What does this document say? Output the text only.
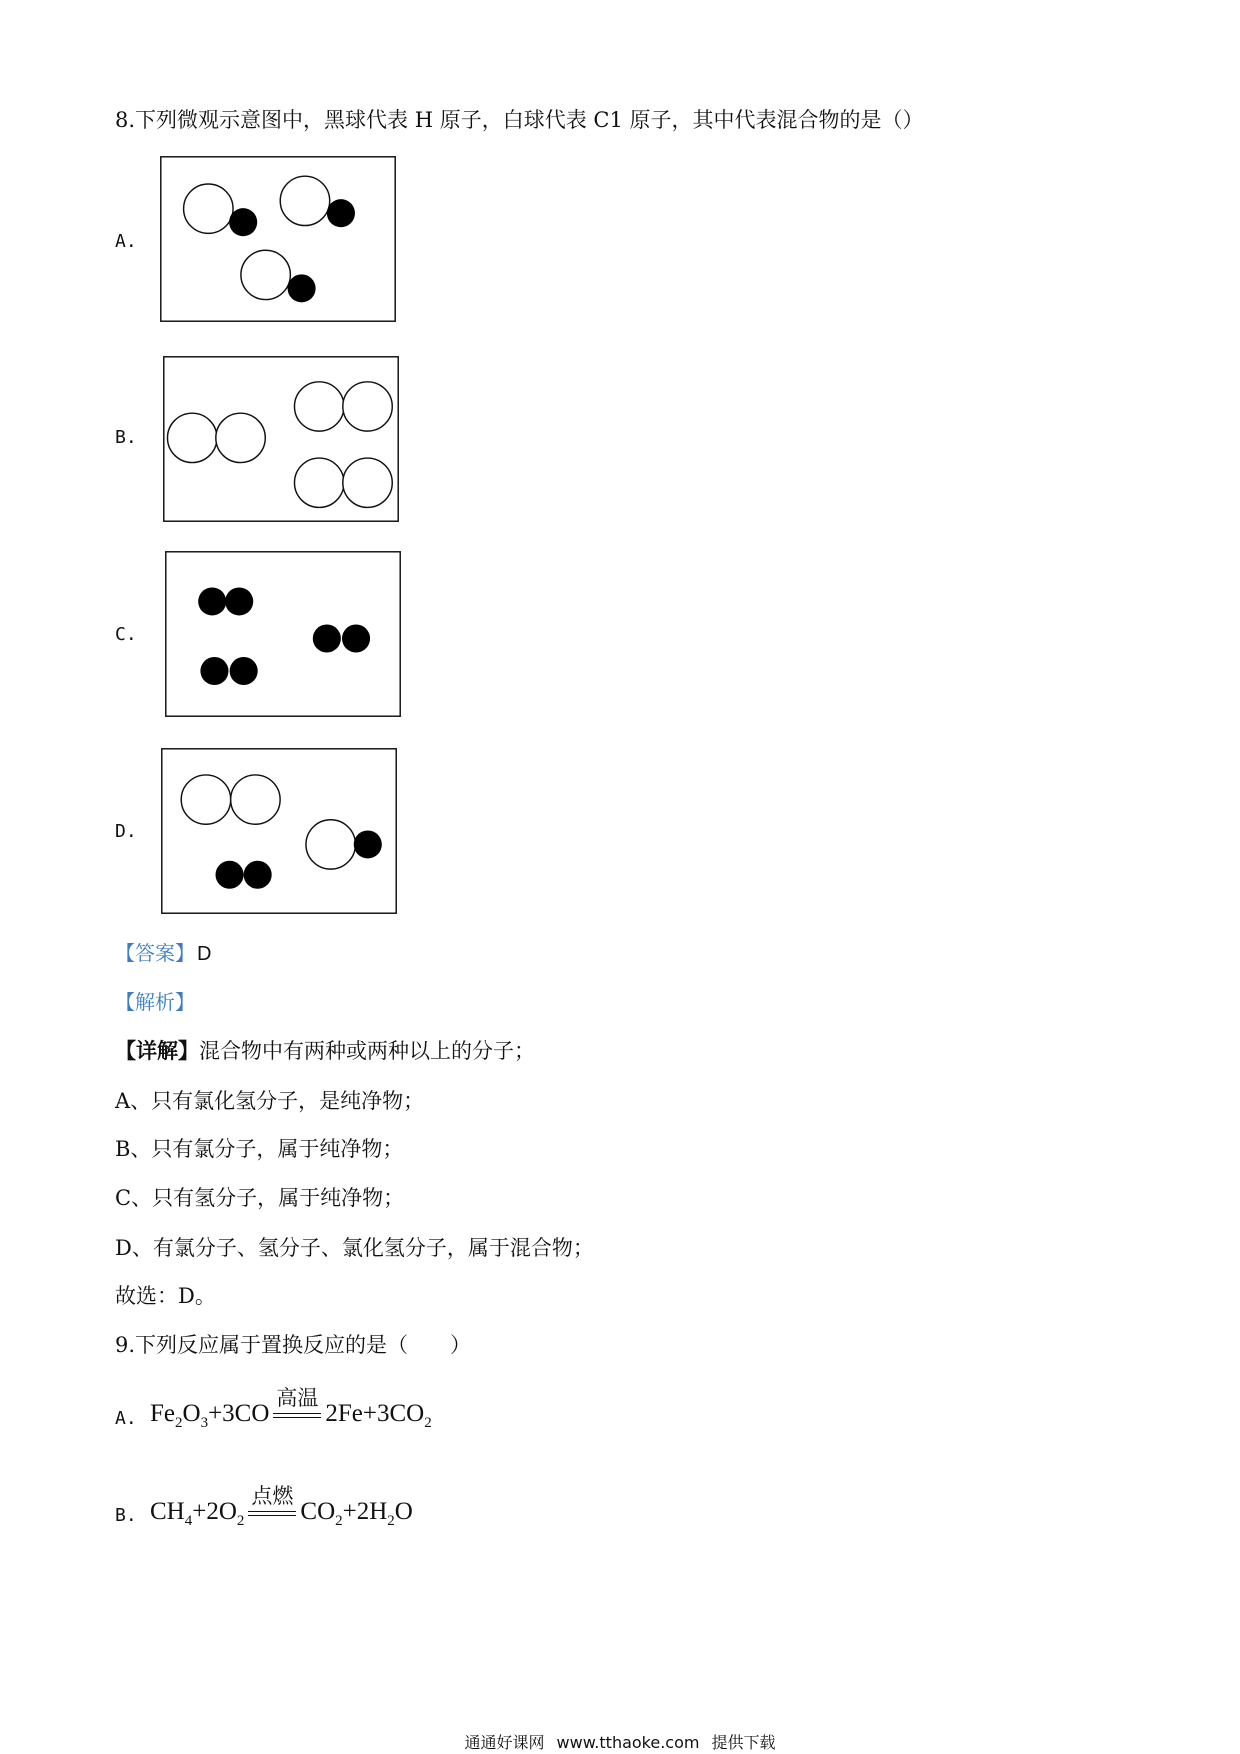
8.下列微观示意图中，黑球代表 H 原子，白球代表 C1 原子，其中代表混合物的是（）
A.
B.
C.
D.
【答案】 D
【解析】
【详解】混合物中有两种或两种以上的分子；
A、只有氯化氢分子，是纯净物；
B、只有氯分子，属于纯净物；
C、只有氢分子，属于纯净物；
D、有氯分子、氢分子、氯化氢分子，属于混合物；
故选：D。
9.下列反应属于置换反应的是（　　）
A. $Fe_2O_3+3CO$
高温
$2Fe+3CO_2$
B. $CH_4+2O_2$
点燃
$CO_2+2H_2O$
通通好课网 www.tthaoke.com 提供下载
